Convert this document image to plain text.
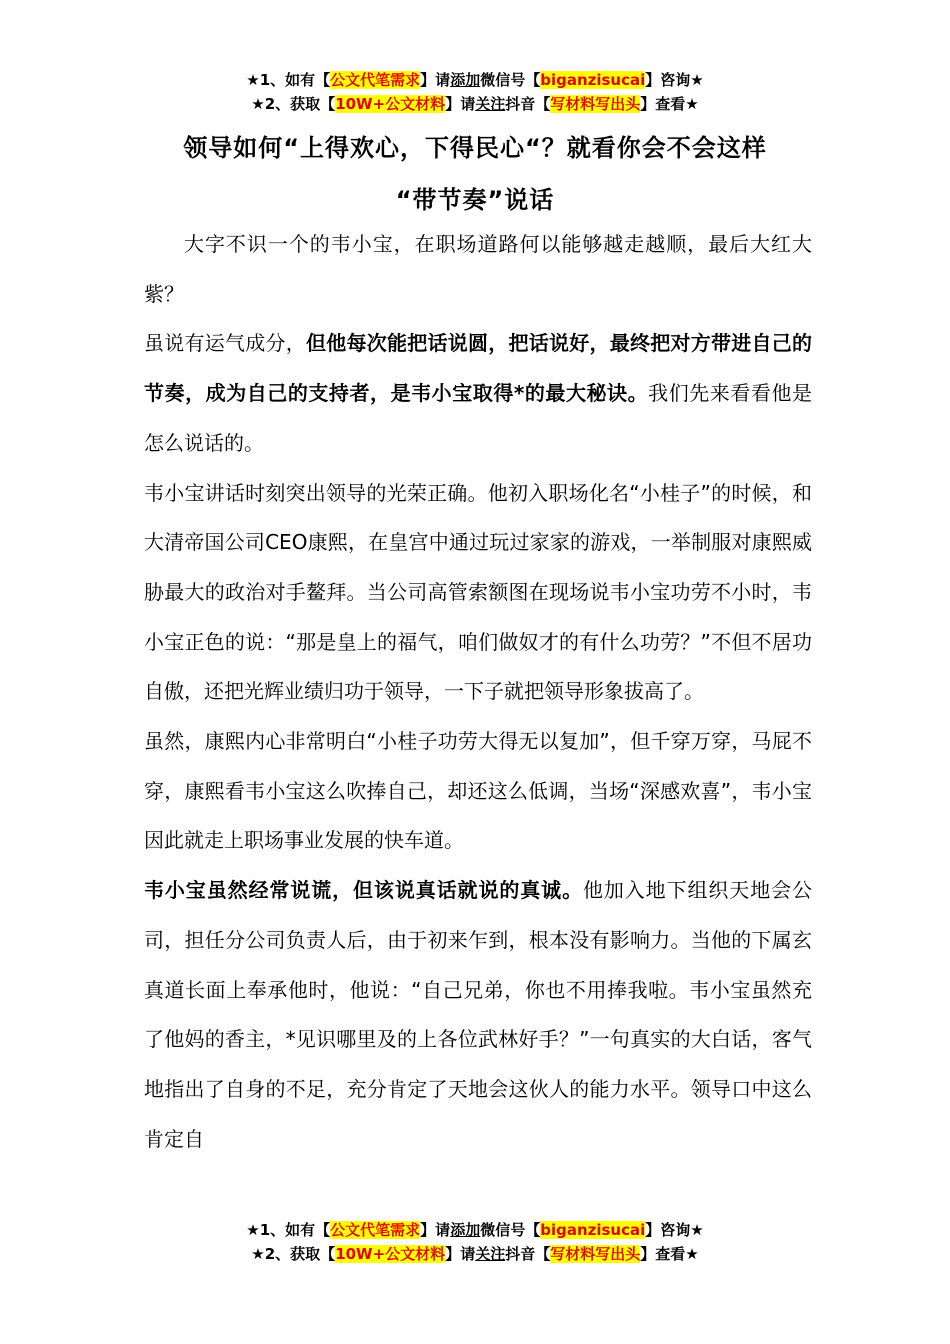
★1、如有【公文代笔需求】请添加微信号【biganzisucai】咨询★
★2、获取【10W+公文材料】请关注抖音【写材料写出头】查看★
领导如何“上得欢心，下得民心“？就看你会不会这样
“带节奏”说话

大字不识一个的韦小宝，在职场道路何以能够越走越顺，最后大红大紫？

虽说有运气成分，但他每次能把话说圆，把话说好，最终把对方带进自己的节奏，成为自己的支持者，是韦小宝取得*的最大秘诀。我们先来看看他是怎么说话的。

韦小宝讲话时刻突出领导的光荣正确。他初入职场化名“小桂子”的时候，和大清帝国公司CEO康熙，在皇宫中通过玩过家家的游戏，一举制服对康熙威胁最大的政治对手鳌拜。当公司高管索额图在现场说韦小宝功劳不小时，韦小宝正色的说：“那是皇上的福气，咱们做奴才的有什么功劳？”不但不居功自傲，还把光辉业绩归功于领导，一下子就把领导形象拔高了。

虽然，康熙内心非常明白“小桂子功劳大得无以复加”，但千穿万穿，马屁不穿，康熙看韦小宝这么吹捧自己，却还这么低调，当场“深感欢喜”，韦小宝因此就走上职场事业发展的快车道。

韦小宝虽然经常说谎，但该说真话就说的真诚。他加入地下组织天地会公司，担任分公司负责人后，由于初来乍到，根本没有影响力。当他的下属玄真道长面上奉承他时，他说：“自己兄弟，你也不用捧我啦。韦小宝虽然充了他妈的香主，*见识哪里及的上各位武林好手？”一句真实的大白话，客气地指出了自身的不足，充分肯定了天地会这伙人的能力水平。领导口中这么肯定自

★1、如有【公文代笔需求】请添加微信号【biganzisucai】咨询★
★2、获取【10W+公文材料】请关注抖音【写材料写出头】查看★
